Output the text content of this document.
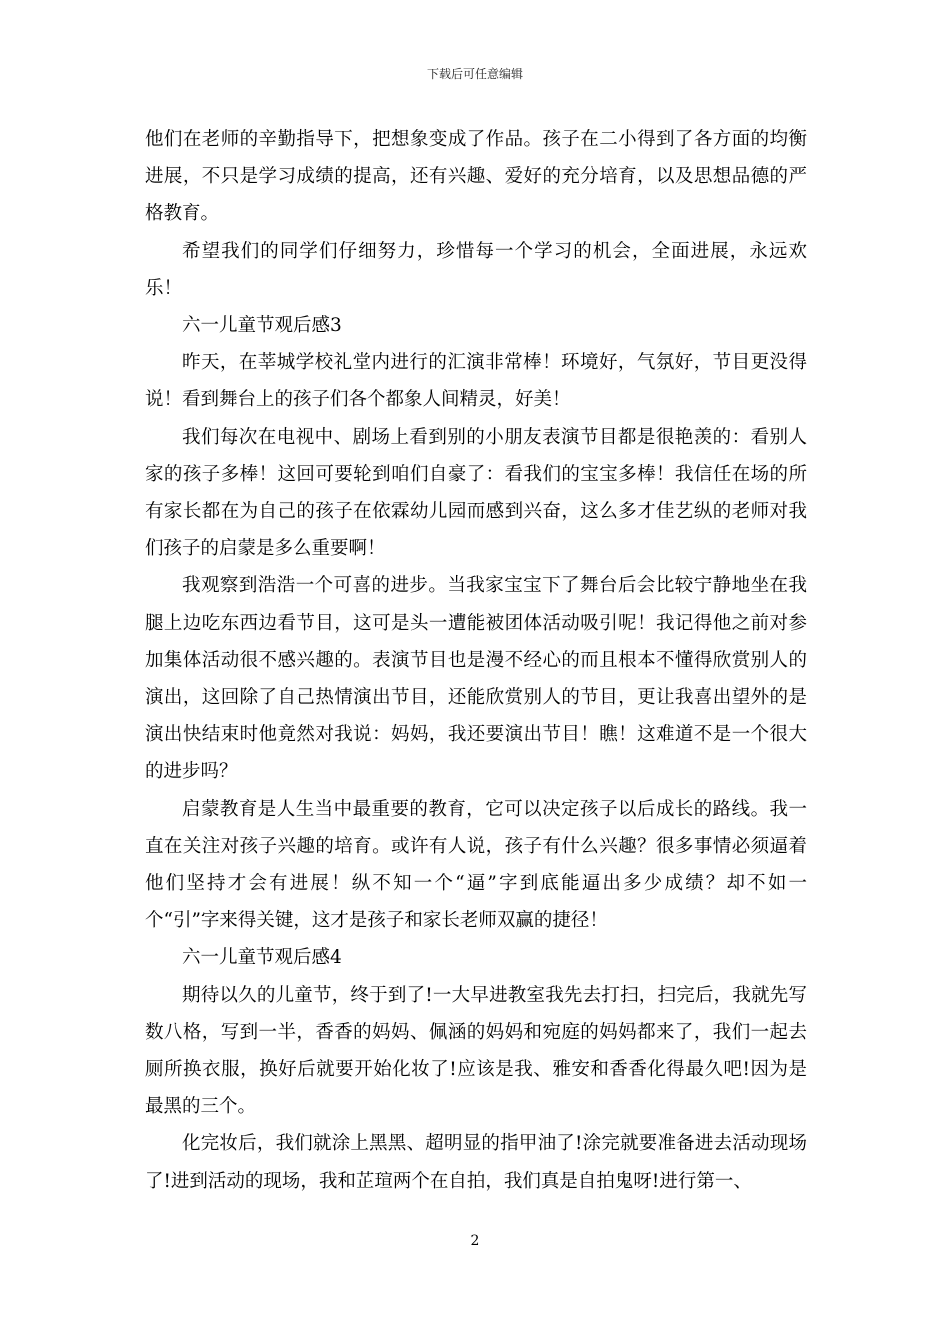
下载后可任意编辑

他们在老师的辛勤指导下，把想象变成了作品。孩子在二小得到了各方面的均衡进展，不只是学习成绩的提高，还有兴趣、爱好的充分培育，以及思想品德的严格教育。

希望我们的同学们仔细努力，珍惜每一个学习的机会，全面进展，永远欢乐！

六一儿童节观后感3

昨天，在莘城学校礼堂内进行的汇演非常棒！环境好，气氛好，节目更没得说！看到舞台上的孩子们各个都象人间精灵，好美！

我们每次在电视中、剧场上看到别的小朋友表演节目都是很艳羡的：看别人家的孩子多棒！这回可要轮到咱们自豪了：看我们的宝宝多棒！我信任在场的所有家长都在为自己的孩子在依霖幼儿园而感到兴奋，这么多才佳艺纵的老师对我们孩子的启蒙是多么重要啊！

我观察到浩浩一个可喜的进步。当我家宝宝下了舞台后会比较宁静地坐在我腿上边吃东西边看节目，这可是头一遭能被团体活动吸引呢！我记得他之前对参加集体活动很不感兴趣的。表演节目也是漫不经心的而且根本不懂得欣赏别人的演出，这回除了自己热情演出节目，还能欣赏别人的节目，更让我喜出望外的是演出快结束时他竟然对我说：妈妈，我还要演出节目！瞧！这难道不是一个很大的进步吗？

启蒙教育是人生当中最重要的教育，它可以决定孩子以后成长的路线。我一直在关注对孩子兴趣的培育。或许有人说，孩子有什么兴趣？很多事情必须逼着他们坚持才会有进展！纵不知一个“逼”字到底能逼出多少成绩？却不如一个“引”字来得关键，这才是孩子和家长老师双赢的捷径！

六一儿童节观后感4

期待以久的儿童节，终于到了!一大早进教室我先去打扫，扫完后，我就先写数八格，写到一半，香香的妈妈、佩涵的妈妈和宛庭的妈妈都来了，我们一起去厕所换衣服，换好后就要开始化妆了!应该是我、雅安和香香化得最久吧!因为是最黑的三个。

化完妆后，我们就涂上黑黑、超明显的指甲油了!涂完就要准备进去活动现场了!进到活动的现场，我和芷瑄两个在自拍，我们真是自拍鬼呀!进行第一、

2
